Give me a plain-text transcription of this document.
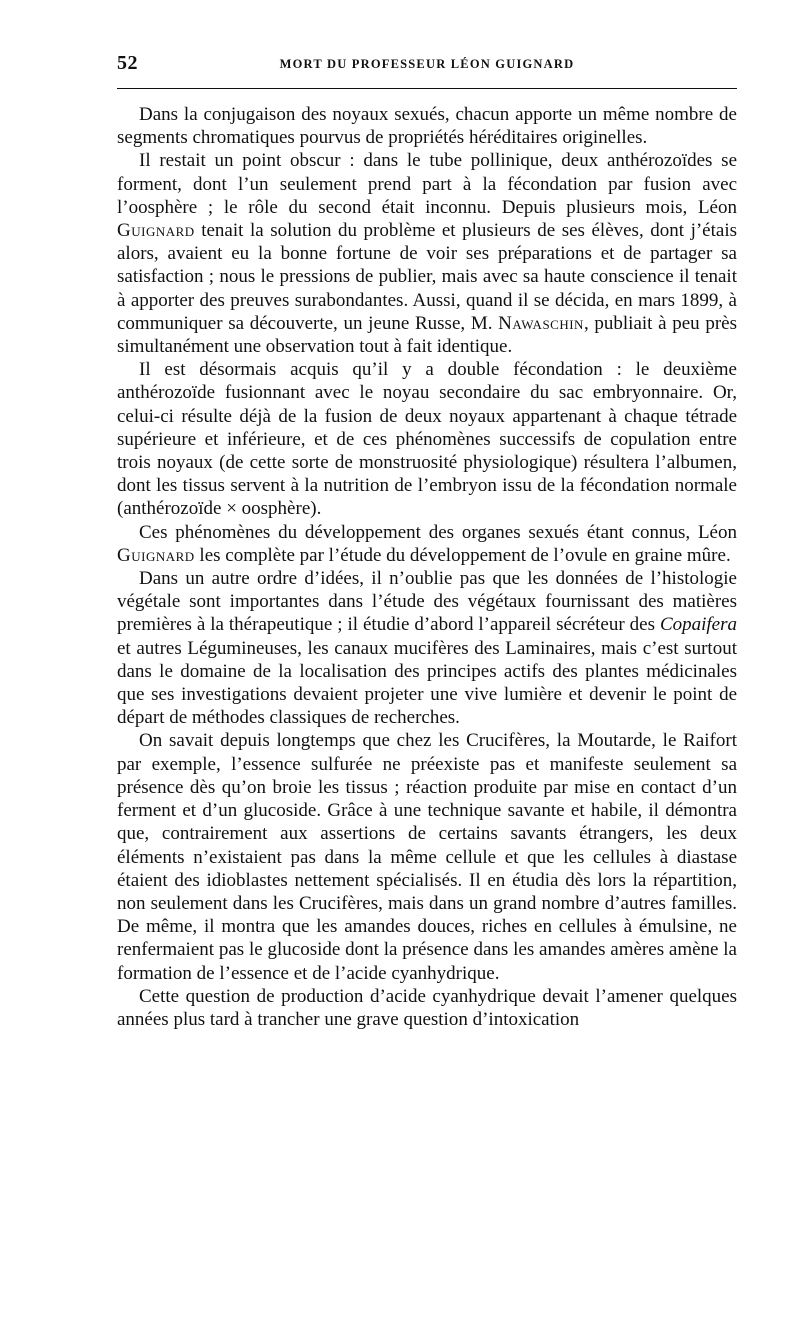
52	MORT DU PROFESSEUR LÉON GUIGNARD

Dans la conjugaison des noyaux sexués, chacun apporte un même nombre de segments chromatiques pourvus de propriétés héréditaires originelles.

Il restait un point obscur : dans le tube pollinique, deux anthérozoïdes se forment, dont l’un seulement prend part à la fécondation par fusion avec l’oosphère ; le rôle du second était inconnu. Depuis plusieurs mois, Léon Guignard tenait la solution du problème et plusieurs de ses élèves, dont j’étais alors, avaient eu la bonne fortune de voir ses préparations et de partager sa satisfaction ; nous le pressions de publier, mais avec sa haute conscience il tenait à apporter des preuves surabondantes. Aussi, quand il se décida, en mars 1899, à communiquer sa découverte, un jeune Russe, M. Nawaschin, publiait à peu près simultanément une observation tout à fait identique.

Il est désormais acquis qu’il y a double fécondation : le deuxième anthérozoïde fusionnant avec le noyau secondaire du sac embryonnaire. Or, celui-ci résulte déjà de la fusion de deux noyaux appartenant à chaque tétrade supérieure et inférieure, et de ces phénomènes successifs de copulation entre trois noyaux (de cette sorte de monstruosité physiologique) résultera l’albumen, dont les tissus servent à la nutrition de l’embryon issu de la fécondation normale (anthérozoïde × oosphère).

Ces phénomènes du développement des organes sexués étant connus, Léon Guignard les complète par l’étude du développement de l’ovule en graine mûre.

Dans un autre ordre d’idées, il n’oublie pas que les données de l’histologie végétale sont importantes dans l’étude des végétaux fournissant des matières premières à la thérapeutique ; il étudie d’abord l’appareil sécréteur des Copaifera et autres Légumineuses, les canaux mucifères des Laminaires, mais c’est surtout dans le domaine de la localisation des principes actifs des plantes médicinales que ses investigations devaient projeter une vive lumière et devenir le point de départ de méthodes classiques de recherches.

On savait depuis longtemps que chez les Crucifères, la Moutarde, le Raifort par exemple, l’essence sulfurée ne préexiste pas et manifeste seulement sa présence dès qu’on broie les tissus ; réaction produite par mise en contact d’un ferment et d’un glucoside. Grâce à une technique savante et habile, il démontra que, contrairement aux assertions de certains savants étrangers, les deux éléments n’existaient pas dans la même cellule et que les cellules à diastase étaient des idioblastes nettement spécialisés. Il en étudia dès lors la répartition, non seulement dans les Crucifères, mais dans un grand nombre d’autres familles. De même, il montra que les amandes douces, riches en cellules à émulsine, ne renfermaient pas le glucoside dont la présence dans les amandes amères amène la formation de l’essence et de l’acide cyanhydrique.

Cette question de production d’acide cyanhydrique devait l’amener quelques années plus tard à trancher une grave question d’intoxication
